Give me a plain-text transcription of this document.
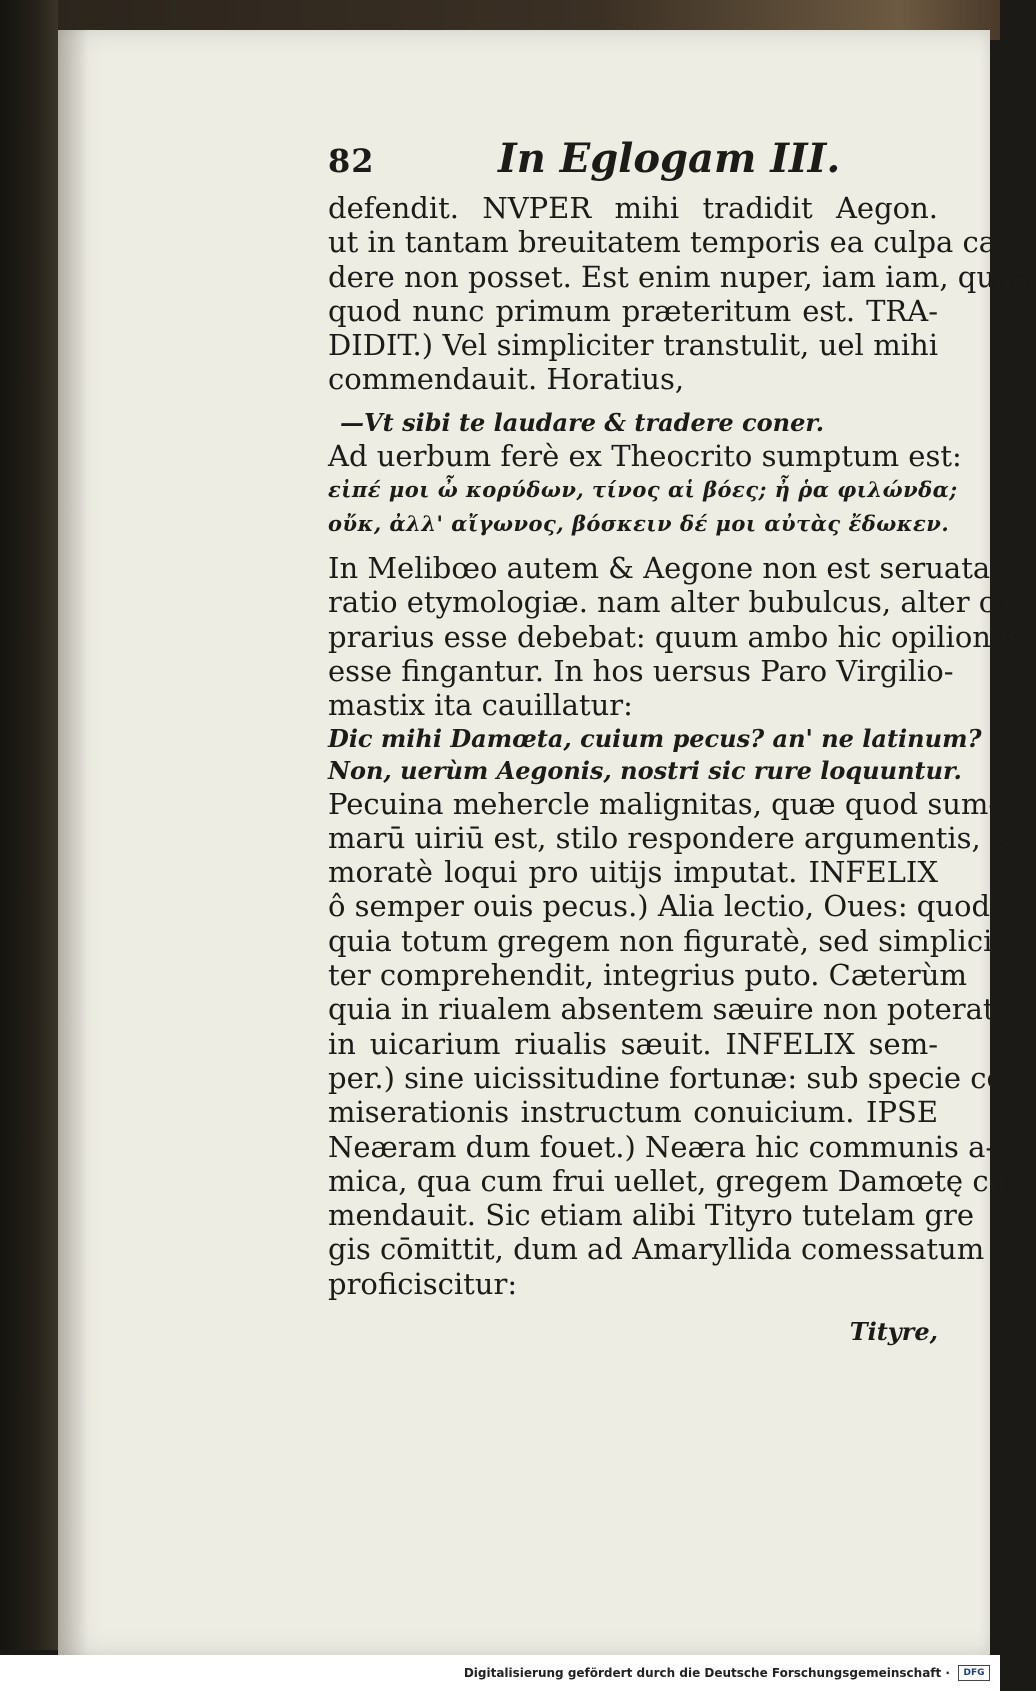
82	In Eglogam III.

defendit. NVPER mihi tradidit Aegon.

ut in tantam breuitatem temporis ea culpa ca-

dere non posset. Est enim nuper, iam iam, quasi

quod nunc primum præteritum est. TRA-

DIDIT.) Vel simpliciter transtulit, uel mihi

commendauit. Horatius,

—Vt sibi te laudare & tradere coner.

Ad uerbum ferè ex Theocrito sumptum est:

εἰπέ μοι ὦ κορύδων, τίνος αἱ βόες; ἦ ῥα φιλώνδα;
οὔκ, ἀλλ' αἴγωνος, βόσκειν δέ μοι αὐτὰς ἔδωκεν.

In Melibœo autem & Aegone non est seruata

ratio etymologiæ. nam alter bubulcus, alter ca

prarius esse debebat: quum ambo hic opiliones

esse fingantur. In hos uersus Paro Virgilio-

mastix ita cauillatur:

Dic mihi Damœta, cuium pecus? an' ne latinum?
Non, uerùm Aegonis, nostri sic rure loquuntur.

Pecuina mehercle malignitas, quæ quod sum-

marū uiriū est, stilo respondere argumentis, &

moratè loqui pro uitijs imputat. INFELIX

ô semper ouis pecus.) Alia lectio, Oues: quod,

quia totum gregem non figuratè, sed simplici-

ter comprehendit, integrius puto. Cæterùm

quia in riualem absentem sæuire non poterat,

in uicarium riualis sæuit. INFELIX sem-

per.) sine uicissitudine fortunæ: sub specie cō-

miserationis instructum conuicium. IPSE

Neæram dum fouet.) Neæra hic communis a-

mica, qua cum frui uellet, gregem Damœtę cō-

mendauit. Sic etiam alibi Tityro tutelam gre

gis cōmittit, dum ad Amaryllida comessatum

proficiscitur:

Tityre,
Digitalisierung gefördert durch die Deutsche Forschungsgemeinschaft ·	DFG
